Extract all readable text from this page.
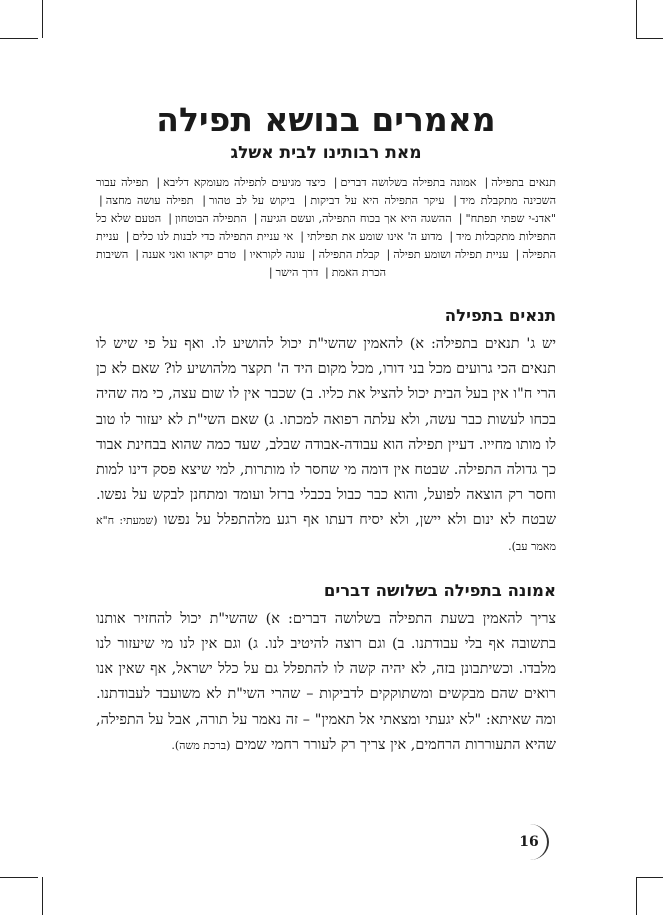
מאמרים בנושא תפילה
מאת רבותינו לבית אשלג
תנאים בתפילה| אמונה בתפילה בשלושה דברים| כיצד מגיעים לתפילה מעומקא דליבא| תפילה עבור השכינה מתקבלת מיד| עיקר התפילה היא על דביקות| ביקוש על לב טהור| תפילה עושה מחצה| "אדנ-י שפתי תפתח"| ההשגה היא אך בכוח התפילה, ועשם הגיעה| התפילה הבוטחון| הטעם שלא כל התפילות מתקבלות מיד| מדוע ה' אינו שומע את תפילתי| אי עניית התפילה כדי לבנות לנו כלים| עניית התפילה| עניית תפילה ושומע תפילה| קבלת התפילה| עונה לקוראיו| טרם יקראו ואני אענה| השיבות הכרת האמת| דרך הישר|
תנאים בתפילה

יש ג' תנאים בתפילה: א) להאמין שהשי"ת יכול להושיע לו. ואף על פי שיש לו תנאים הכי גרועים מכל בני דורו, מכל מקום היד ה' תקצר מלהושיע לו? שאם לא כן הרי ח"ו אין בעל הבית יכול להציל את כליו. ב) שכבר אין לו שום עצה, כי מה שהיה בכחו לעשות כבר עשה, ולא עלתה רפואה למכתו. ג) שאם השי"ת לא יעזור לו טוב לו מותו מחייו. דעיין תפילה הוא עבודה-אבודה שבלב, שעד כמה שהוא בבחינת אבוד כך גדולה התפילה. שבטח אין דומה מי שחסר לו מותרות, למי שיצא פסק דינו למות וחסר רק הוצאה לפועל, והוא כבר כבול בכבלי ברזל ועומד ומתחנן לבקש על נפשו. שבטח לא ינום ולא יישן, ולא יסיח דעתו אף רגע מלהתפלל על נפשו (שמעתי: ח"א מאמר עב).

אמונה בתפילה בשלושה דברים

צריך להאמין בשעת התפילה בשלושה דברים: א) שהשי"ת יכול להחזיר אותנו בתשובה אף בלי עבודתנו. ב) וגם רוצה להיטיב לנו. ג) וגם אין לנו מי שיעזור לנו מלבדו. וכשיתבונן בזה, לא יהיה קשה לו להתפלל גם על כלל ישראל, אף שאין אנו רואים שהם מבקשים ומשתוקקים לדביקות – שהרי השי"ת לא משועבד לעבודתנו. ומה שאיתא: "לא יגעתי ומצאתי אל תאמין" – זה נאמר על תורה, אבל על התפילה, שהיא התעוררות הרחמים, אין צריך רק לעורר רחמי שמים (ברכת משה).

16
